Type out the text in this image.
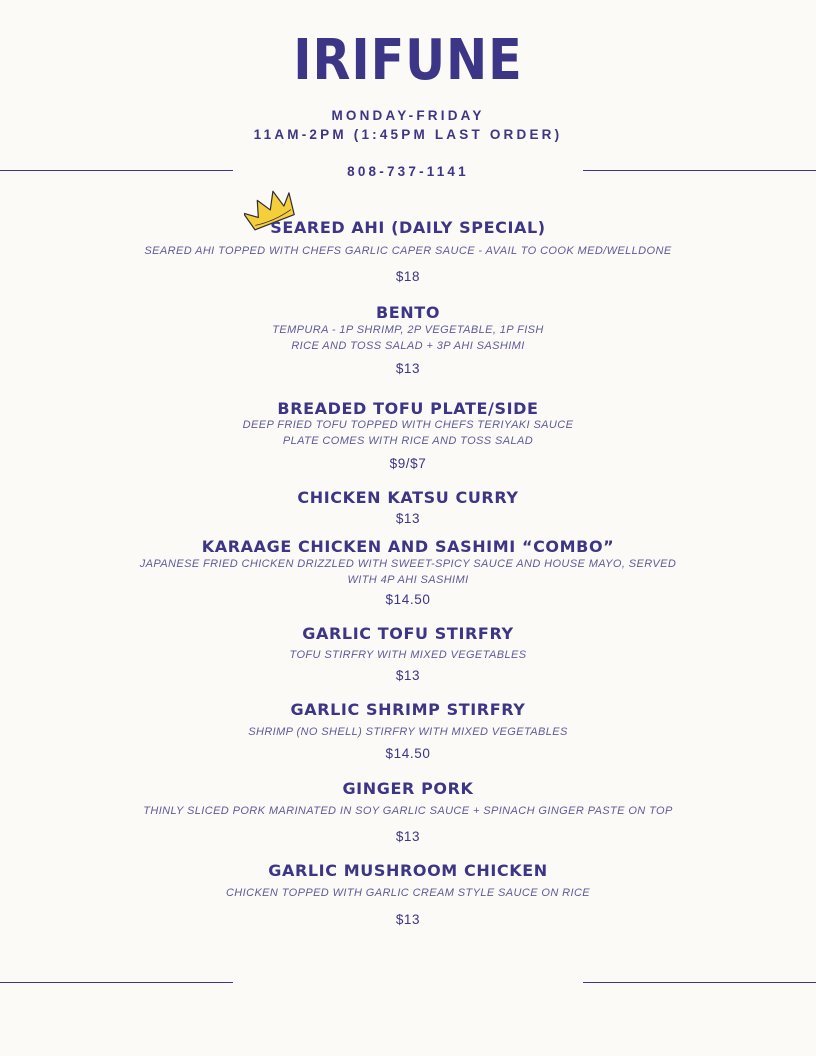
IRIFUNE
MONDAY-FRIDAY
11AM-2PM (1:45PM LAST ORDER)
808-737-1141
SEARED AHI (DAILY SPECIAL)
SEARED AHI TOPPED WITH CHEFS GARLIC CAPER SAUCE - AVAIL TO COOK MED/WELLDONE
$18
BENTO
TEMPURA - 1P SHRIMP, 2P VEGETABLE, 1P FISH
RICE AND TOSS SALAD + 3P AHI SASHIMI
$13
BREADED TOFU PLATE/SIDE
DEEP FRIED TOFU TOPPED WITH CHEFS TERIYAKI SAUCE
PLATE COMES WITH RICE AND TOSS SALAD
$9/$7
CHICKEN KATSU CURRY
$13
KARAAGE CHICKEN AND SASHIMI “COMBO”
JAPANESE FRIED CHICKEN DRIZZLED WITH SWEET-SPICY SAUCE AND HOUSE MAYO, SERVED
WITH 4P AHI SASHIMI
$14.50
GARLIC TOFU STIRFRY
TOFU STIRFRY WITH MIXED VEGETABLES
$13
GARLIC SHRIMP STIRFRY
SHRIMP (NO SHELL) STIRFRY WITH MIXED VEGETABLES
$14.50
GINGER PORK
THINLY SLICED PORK MARINATED IN SOY GARLIC SAUCE + SPINACH GINGER PASTE ON TOP
$13
GARLIC MUSHROOM CHICKEN
CHICKEN TOPPED WITH GARLIC CREAM STYLE SAUCE ON RICE
$13
